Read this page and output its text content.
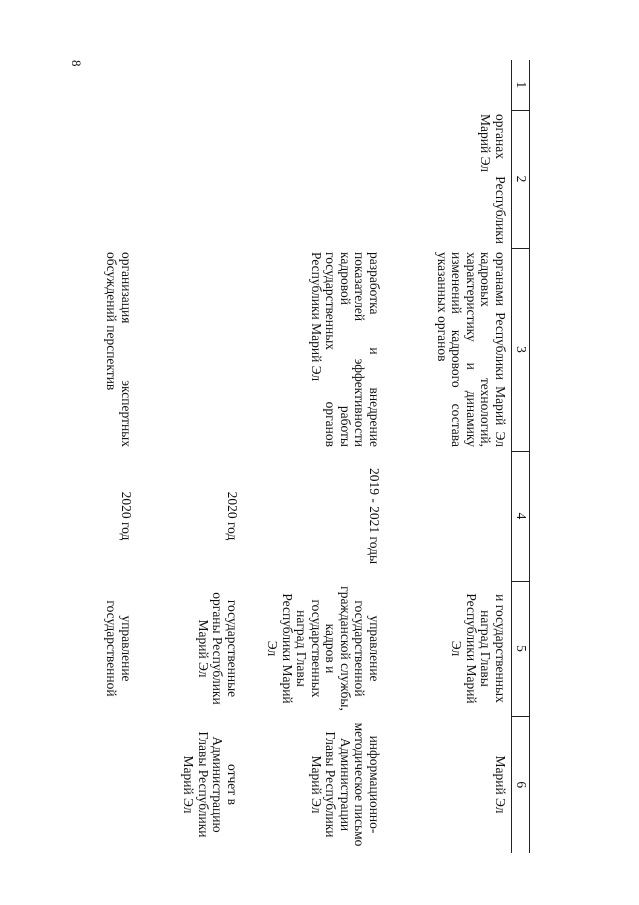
8
1	2	3	4	5	6
	органах Республики Марий Эл	органами Республики Марий Эл кадровых технологий, характеристику и динамику изменений кадрового состава указанных органов		и государственных наград Главы Республики Марий Эл	Марий Эл
		разработка и внедрение показателей эффективности кадровой работы государственных органов Республики Марий Эл	2019 - 2021 годы	управление государственной гражданской службы, кадров и государственных наград Главы Республики Марий Эл	информационно-методическое письмо Администрации Главы Республики Марий Эл
			2020 год	государственные органы Республики Марий Эл	отчет в Администрацию Главы Республики Марий Эл
		организация экспертных обсуждений перспектив	2020 год	управление государственной	
